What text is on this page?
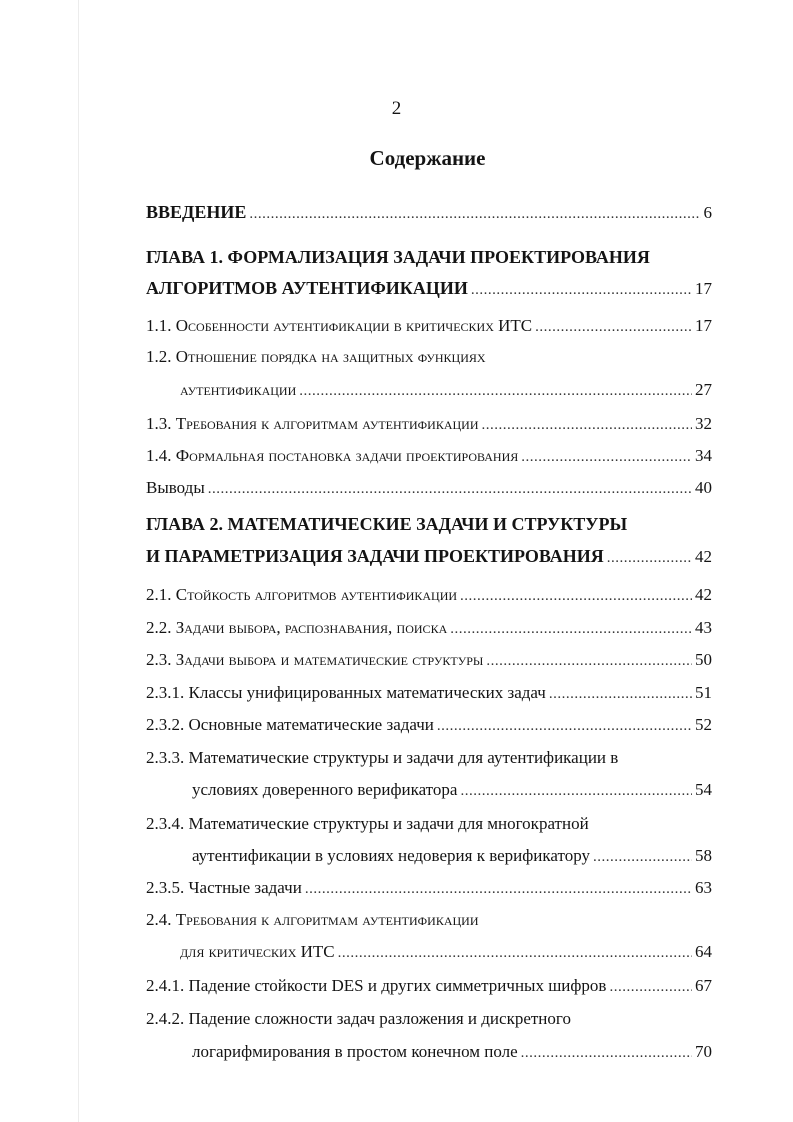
2
Содержание
ВВЕДЕНИЕ .....	6
ГЛАВА 1. ФОРМАЛИЗАЦИЯ ЗАДАЧИ ПРОЕКТИРОВАНИЯ
АЛГОРИТМОВ АУТЕНТИФИКАЦИИ .....	17
1.1. Особенности аутентификации в критических ИТС .....	17
1.2. Отношение порядка на защитных функциях
аутентификации .....	27
1.3. Требования к алгоритмам аутентификации .....	32
1.4. Формальная постановка задачи проектирования .....	34
Выводы .....	40
ГЛАВА 2. МАТЕМАТИЧЕСКИЕ ЗАДАЧИ И СТРУКТУРЫ
И ПАРАМЕТРИЗАЦИЯ ЗАДАЧИ ПРОЕКТИРОВАНИЯ .....	42
2.1. Стойкость алгоритмов аутентификации .....	42
2.2. Задачи выбора, распознавания, поиска .....	43
2.3. Задачи выбора и математические структуры .....	50
2.3.1. Классы унифицированных математических задач .....	51
2.3.2. Основные математические задачи .....	52
2.3.3. Математические структуры и задачи для аутентификации в
условиях доверенного верификатора .....	54
2.3.4. Математические структуры и задачи для многократной
аутентификации в условиях недоверия к верификатору .....	58
2.3.5. Частные задачи .....	63
2.4. Требования к алгоритмам аутентификации
для критических ИТС .....	64
2.4.1. Падение стойкости DES и других симметричных шифров .....	67
2.4.2. Падение сложности задач разложения и дискретного
логарифмирования в простом конечном поле .....	70
